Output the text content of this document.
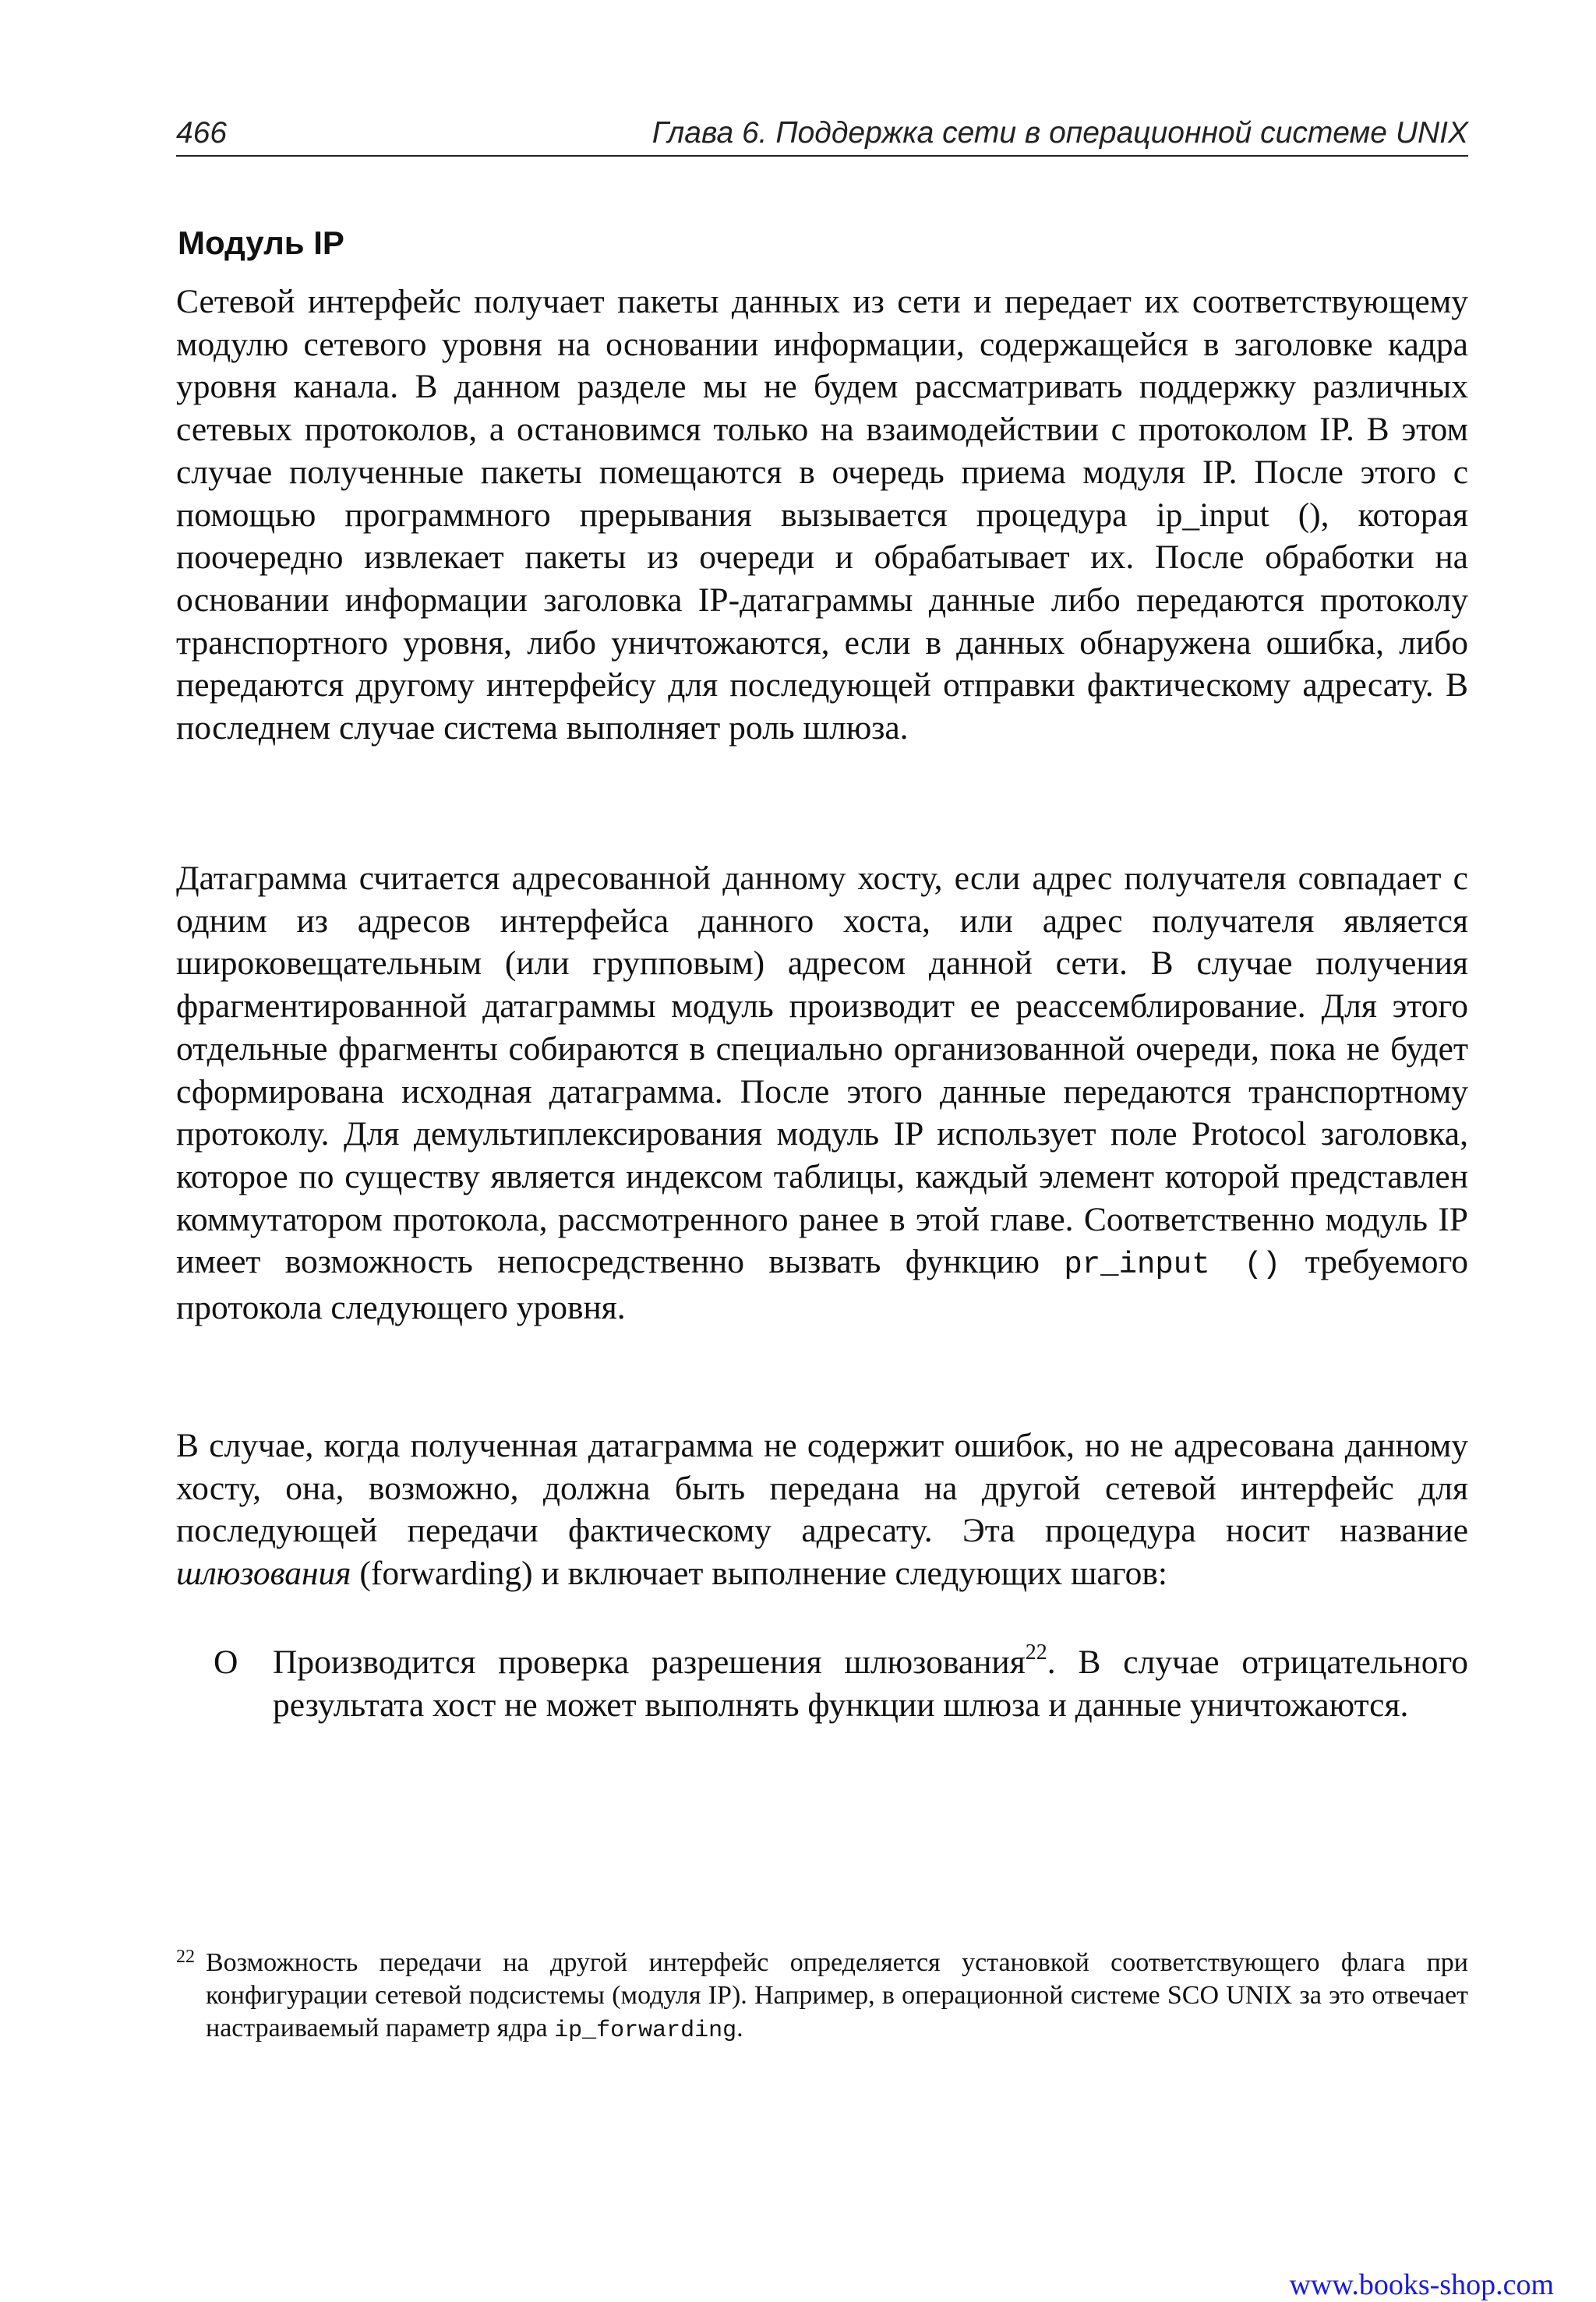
466	Глава 6. Поддержка сети в операционной системе UNIX
Модуль IP

Сетевой интерфейс получает пакеты данных из сети и передает их соответствующему модулю сетевого уровня на основании информации, содержащейся в заголовке кадра уровня канала. В данном разделе мы не будем рассматривать поддержку различных сетевых протоколов, а остановимся только на взаимодействии с протоколом IP. В этом случае полученные пакеты помещаются в очередь приема модуля IP. После этого с помощью программного прерывания вызывается процедура ip_input (), которая поочередно извлекает пакеты из очереди и обрабатывает их. После обработки на основании информации заголовка IP-датаграммы данные либо передаются протоколу транспортного уровня, либо уничтожаются, если в данных обнаружена ошибка, либо передаются другому интерфейсу для последующей отправки фактическому адресату. В последнем случае система выполняет роль шлюза.

Датаграмма считается адресованной данному хосту, если адрес получателя совпадает с одним из адресов интерфейса данного хоста, или адрес получателя является широковещательным (или групповым) адресом данной сети. В случае получения фрагментированной датаграммы модуль производит ее реассемблирование. Для этого отдельные фрагменты собираются в специально организованной очереди, пока не будет сформирована исходная датаграмма. После этого данные передаются транспортному протоколу. Для демультиплексирования модуль IP использует поле Protocol заголовка, которое по существу является индексом таблицы, каждый элемент которой представлен коммутатором протокола, рассмотренного ранее в этой главе. Соответственно модуль IP имеет возможность непосредственно вызвать функцию pr_input () требуемого протокола следующего уровня.

В случае, когда полученная датаграмма не содержит ошибок, но не адресована данному хосту, она, возможно, должна быть передана на другой сетевой интерфейс для последующей передачи фактическому адресату. Эта процедура носит название шлюзования (forwarding) и включает выполнение следующих шагов:

O Производится проверка разрешения шлюзования$^{22}$. В случае отрицательного результата хост не может выполнять функции шлюза и данные уничтожаются.
22 Возможность передачи на другой интерфейс определяется установкой соответствующего флага при конфигурации сетевой подсистемы (модуля IP). Например, в операционной системе SCO UNIX за это отвечает настраиваемый параметр ядра ip_forwarding.
www.books-shop.com
